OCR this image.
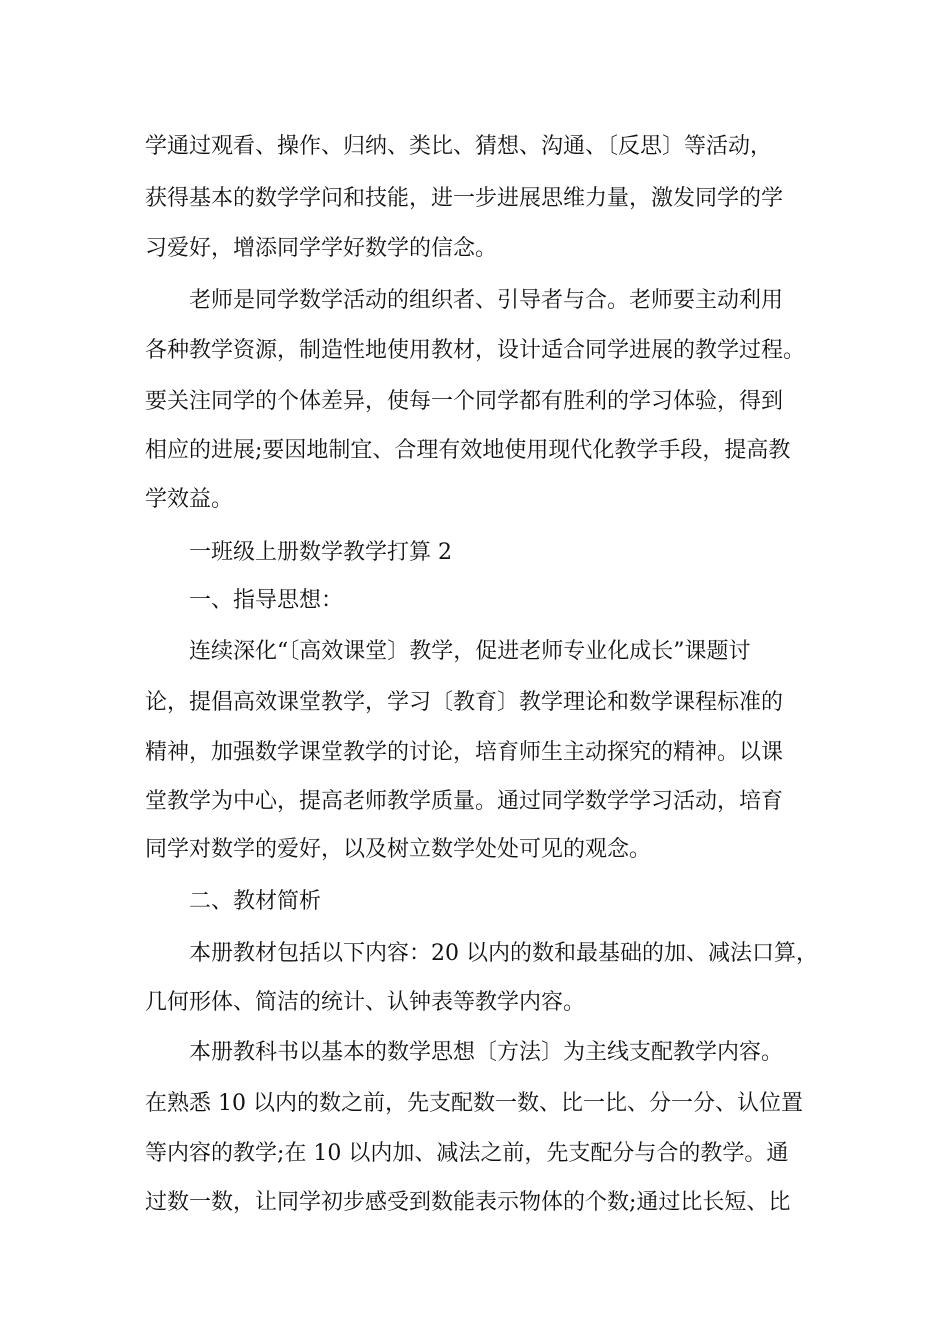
学通过观看、操作、归纳、类比、猜想、沟通、〔反思〕等活动，

获得基本的数学学问和技能，进一步进展思维力量，激发同学的学

习爱好，增添同学学好数学的信念。

老师是同学数学活动的组织者、引导者与合。老师要主动利用

各种教学资源，制造性地使用教材，设计适合同学进展的教学过程。

要关注同学的个体差异，使每一个同学都有胜利的学习体验，得到

相应的进展;要因地制宜、合理有效地使用现代化教学手段，提高教

学效益。

一班级上册数学教学打算 2

一、指导思想：

连续深化“〔高效课堂〕教学，促进老师专业化成长”课题讨

论，提倡高效课堂教学，学习〔教育〕教学理论和数学课程标准的

精神，加强数学课堂教学的讨论，培育师生主动探究的精神。以课

堂教学为中心，提高老师教学质量。通过同学数学学习活动，培育

同学对数学的爱好，以及树立数学处处可见的观念。

二、教材简析

本册教材包括以下内容：20 以内的数和最基础的加、减法口算，

几何形体、简洁的统计、认钟表等教学内容。

本册教科书以基本的数学思想〔方法〕为主线支配教学内容。

在熟悉 10 以内的数之前，先支配数一数、比一比、分一分、认位置

等内容的教学;在 10 以内加、减法之前，先支配分与合的教学。通

过数一数，让同学初步感受到数能表示物体的个数;通过比长短、比
